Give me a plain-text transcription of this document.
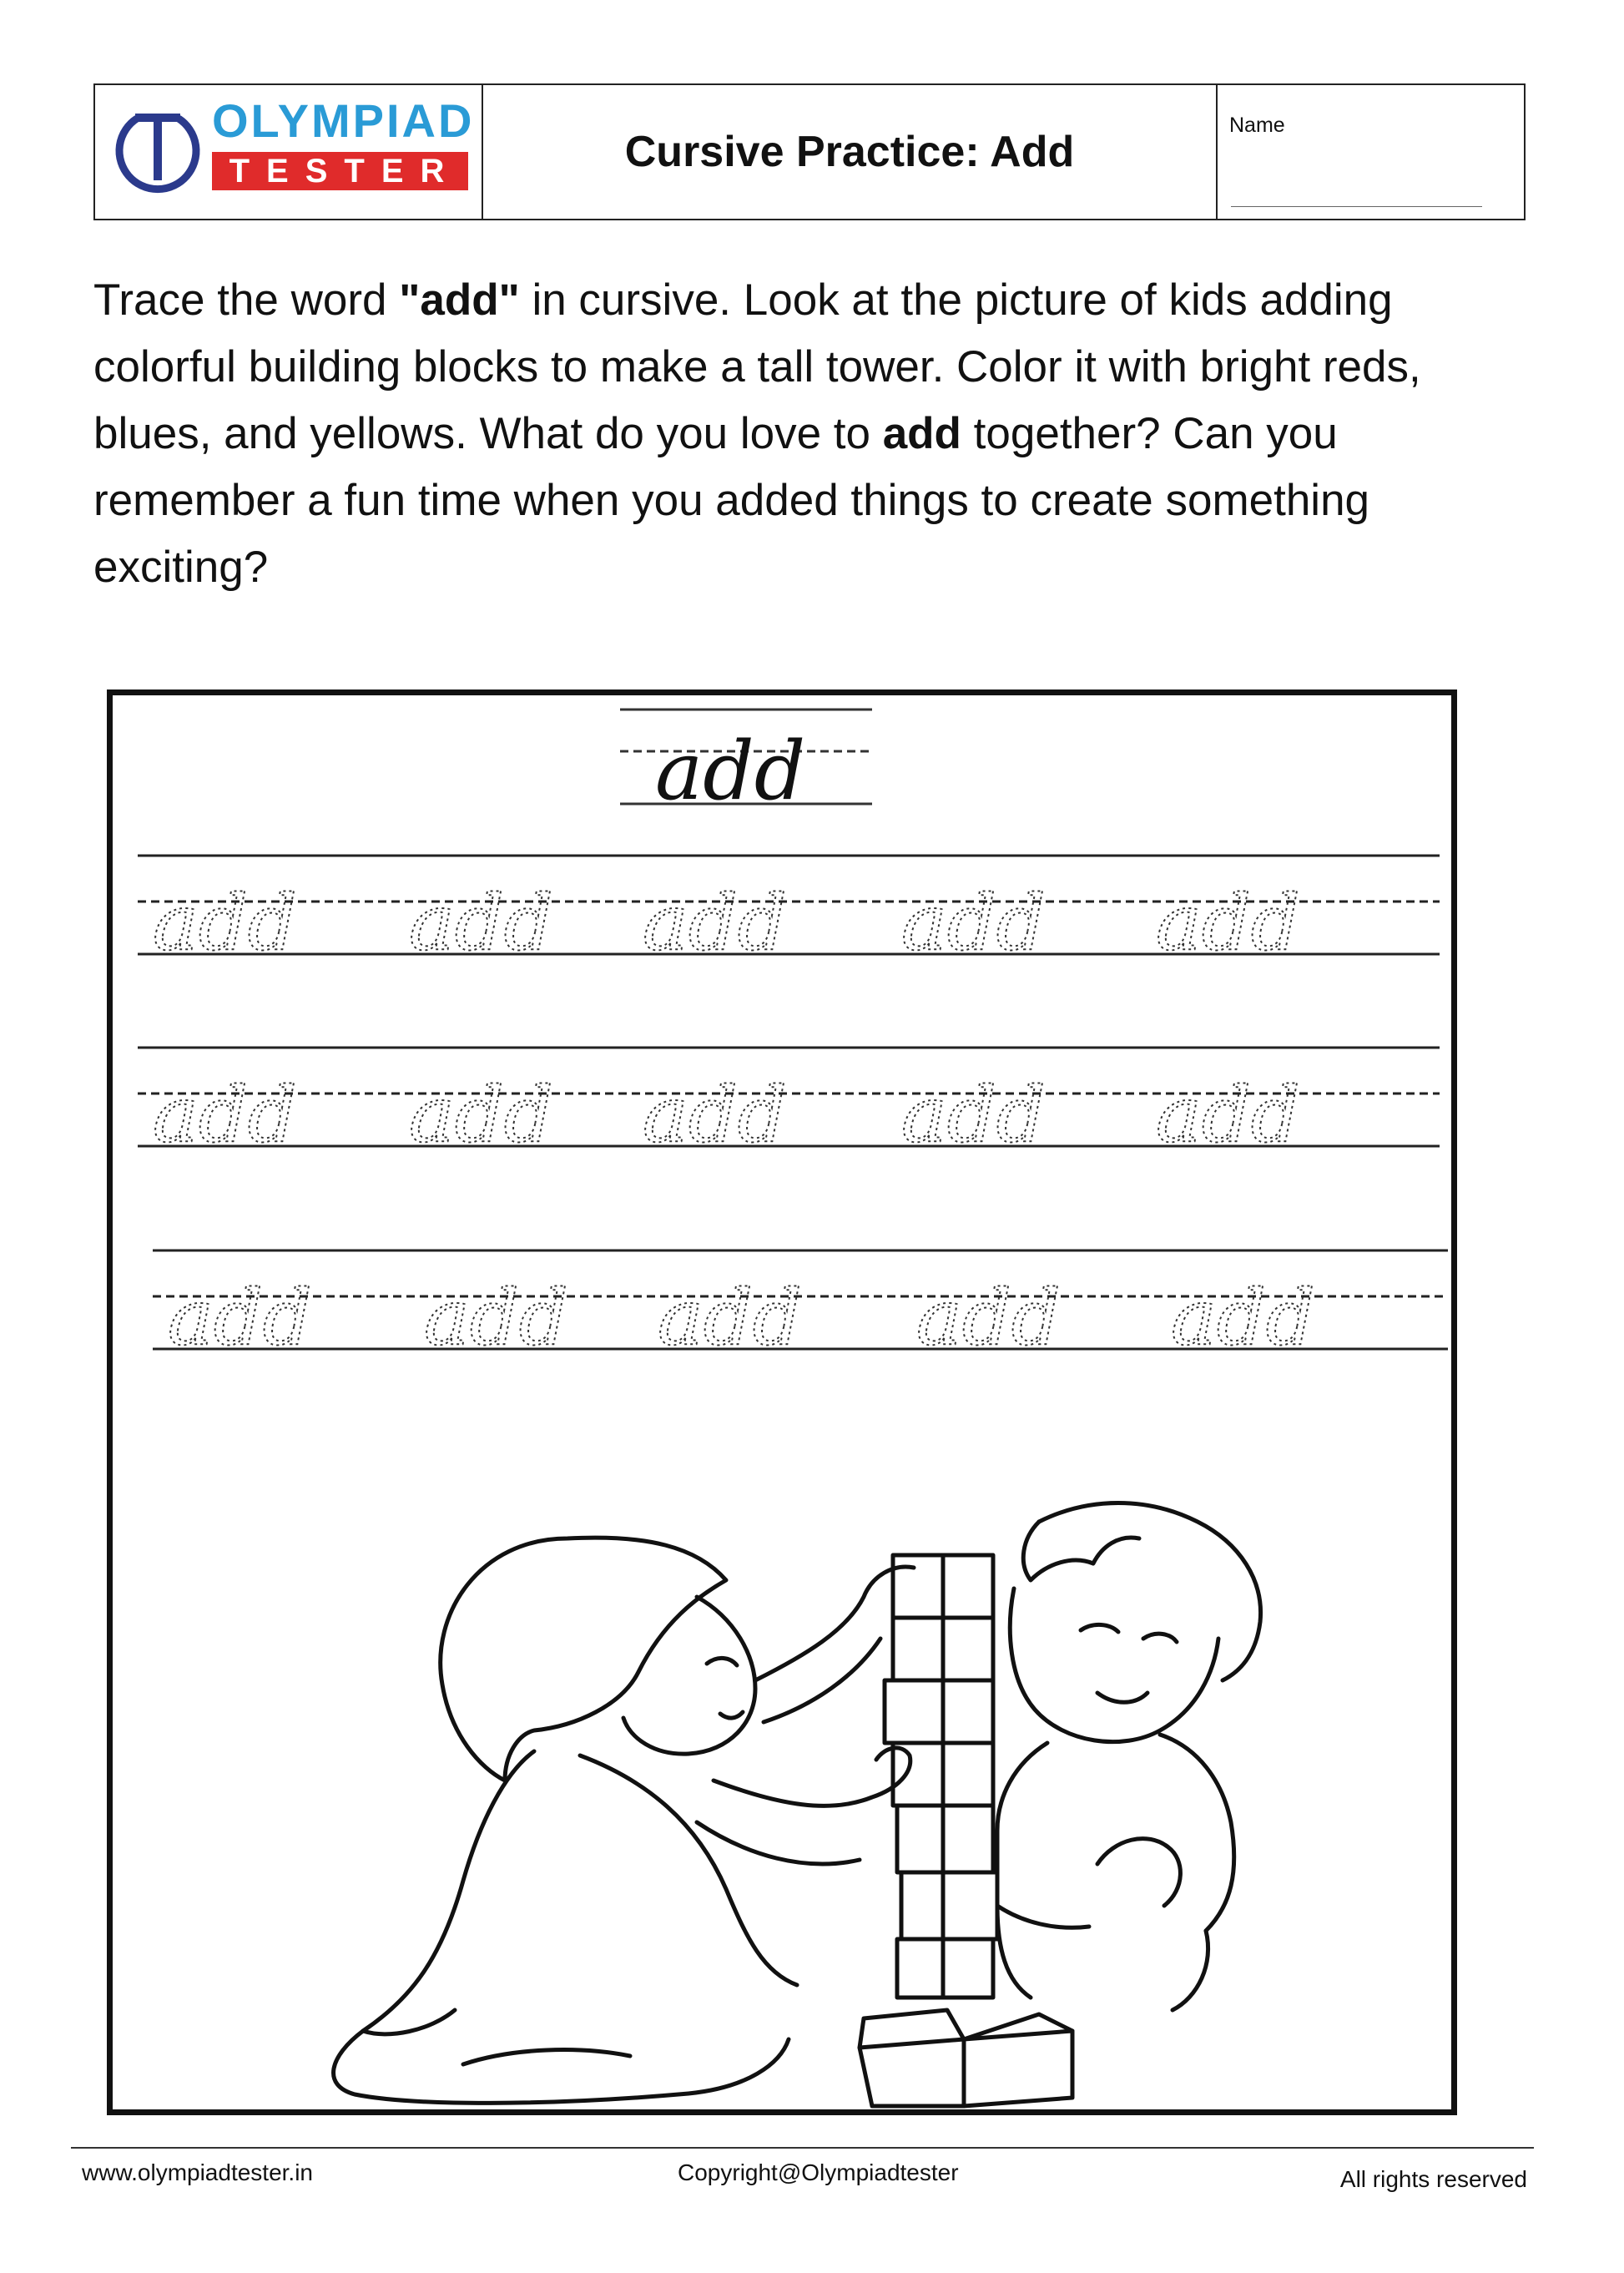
OLYMPIAD
TESTER	Cursive Practice: Add
Name
Trace the word "add" in cursive. Look at the picture of kids adding colorful building blocks to make a tall tower. Color it with bright reds, blues, and yellows. What do you love to add together? Can you remember a fun time when you added things to create something exciting?
add
add add add add add
add add add add add
add add add add add
www.olympiadtester.in	Copyright@Olympiadtester	All rights reserved
